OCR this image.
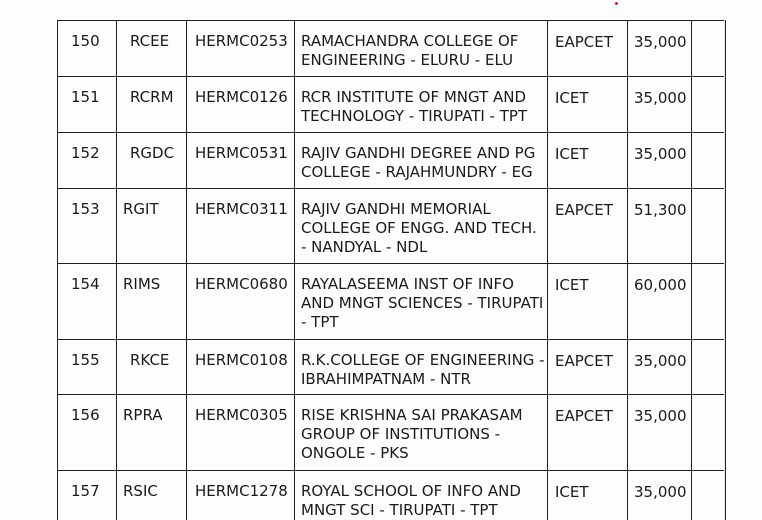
150	RCEE	HERMC0253	RAMACHANDRA COLLEGE OF ENGINEERING - ELURU - ELU	EAPCET	35,000	
151	RCRM	HERMC0126	RCR INSTITUTE OF MNGT AND TECHNOLOGY - TIRUPATI - TPT	ICET	35,000	
152	RGDC	HERMC0531	RAJIV GANDHI DEGREE AND PG COLLEGE - RAJAHMUNDRY - EG	ICET	35,000	
153	RGIT	HERMC0311	RAJIV GANDHI MEMORIAL COLLEGE OF ENGG. AND TECH. - NANDYAL - NDL	EAPCET	51,300	
154	RIMS	HERMC0680	RAYALASEEMA INST OF INFO AND MNGT SCIENCES - TIRUPATI - TPT	ICET	60,000	
155	RKCE	HERMC0108	R.K.COLLEGE OF ENGINEERING - IBRAHIMPATNAM - NTR	EAPCET	35,000	
156	RPRA	HERMC0305	RISE KRISHNA SAI PRAKASAM GROUP OF INSTITUTIONS - ONGOLE - PKS	EAPCET	35,000	
157	RSIC	HERMC1278	ROYAL SCHOOL OF INFO AND MNGT SCI - TIRUPATI - TPT	ICET	35,000	
